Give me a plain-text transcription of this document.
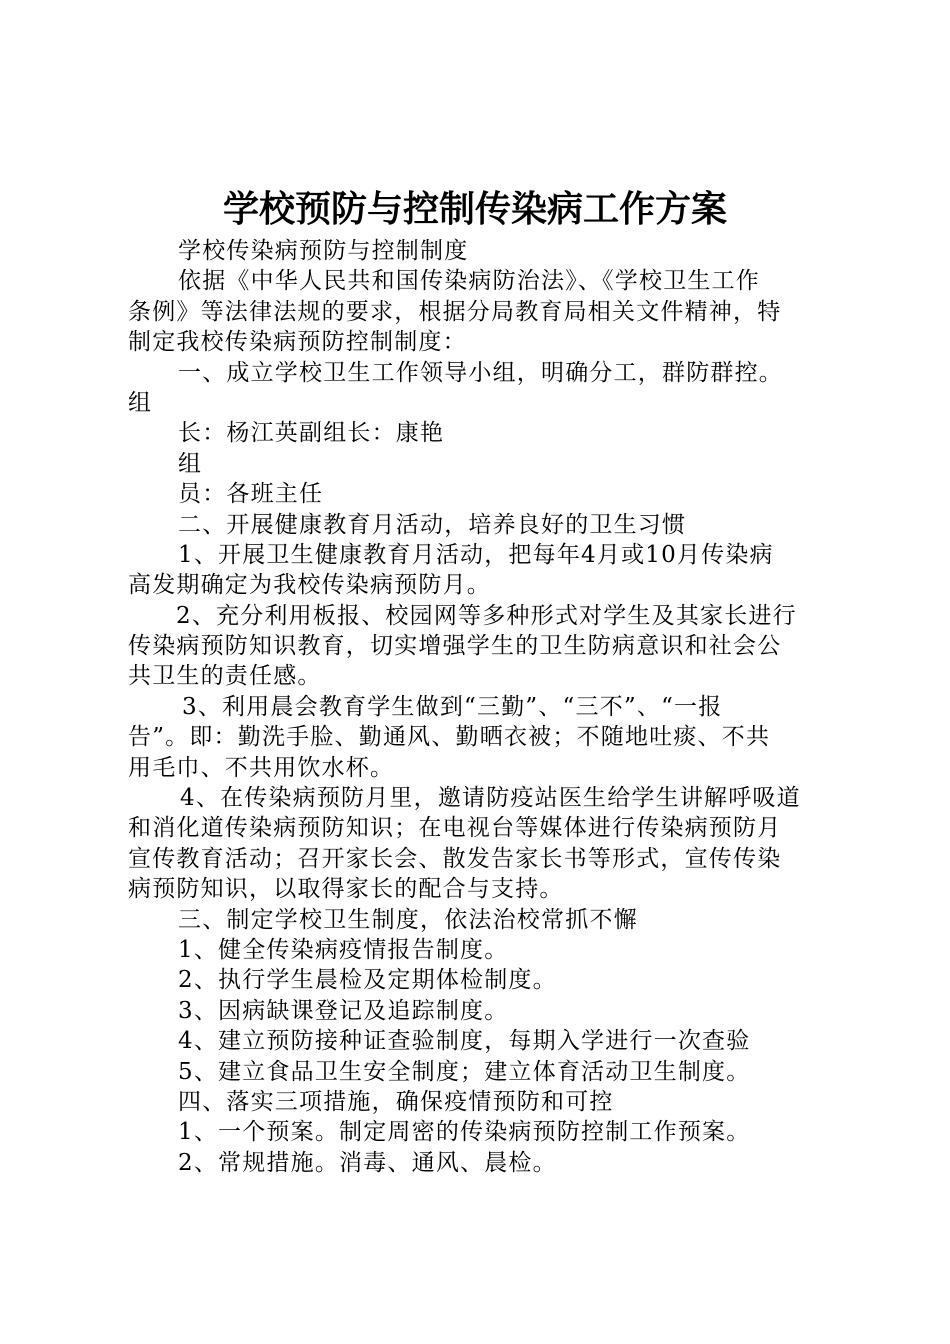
学校预防与控制传染病工作方案
学校传染病预防与控制制度
依据《中华人民共和国传染病防治法》、《学校卫生工作
条例》等法律法规的要求，根据分局教育局相关文件精神，特
制定我校传染病预防控制制度：
一、成立学校卫生工作领导小组，明确分工，群防群控。
组
长：杨江英副组长：康艳
组
员：各班主任
二、开展健康教育月活动，培养良好的卫生习惯
1、开展卫生健康教育月活动，把每年4月或10月传染病
高发期确定为我校传染病预防月。
2、充分利用板报、校园网等多种形式对学生及其家长进行
传染病预防知识教育，切实增强学生的卫生防病意识和社会公
共卫生的责任感。
3、利用晨会教育学生做到“三勤”、“三不”、“一报
告”。即：勤洗手脸、勤通风、勤晒衣被；不随地吐痰、不共
用毛巾、不共用饮水杯。
4、在传染病预防月里，邀请防疫站医生给学生讲解呼吸道
和消化道传染病预防知识；在电视台等媒体进行传染病预防月
宣传教育活动；召开家长会、散发告家长书等形式，宣传传染
病预防知识，以取得家长的配合与支持。
三、制定学校卫生制度，依法治校常抓不懈
1、健全传染病疫情报告制度。
2、执行学生晨检及定期体检制度。
3、因病缺课登记及追踪制度。
4、建立预防接种证查验制度，每期入学进行一次查验
5、建立食品卫生安全制度；建立体育活动卫生制度。
四、落实三项措施，确保疫情预防和可控
1、一个预案。制定周密的传染病预防控制工作预案。
2、常规措施。消毒、通风、晨检。
